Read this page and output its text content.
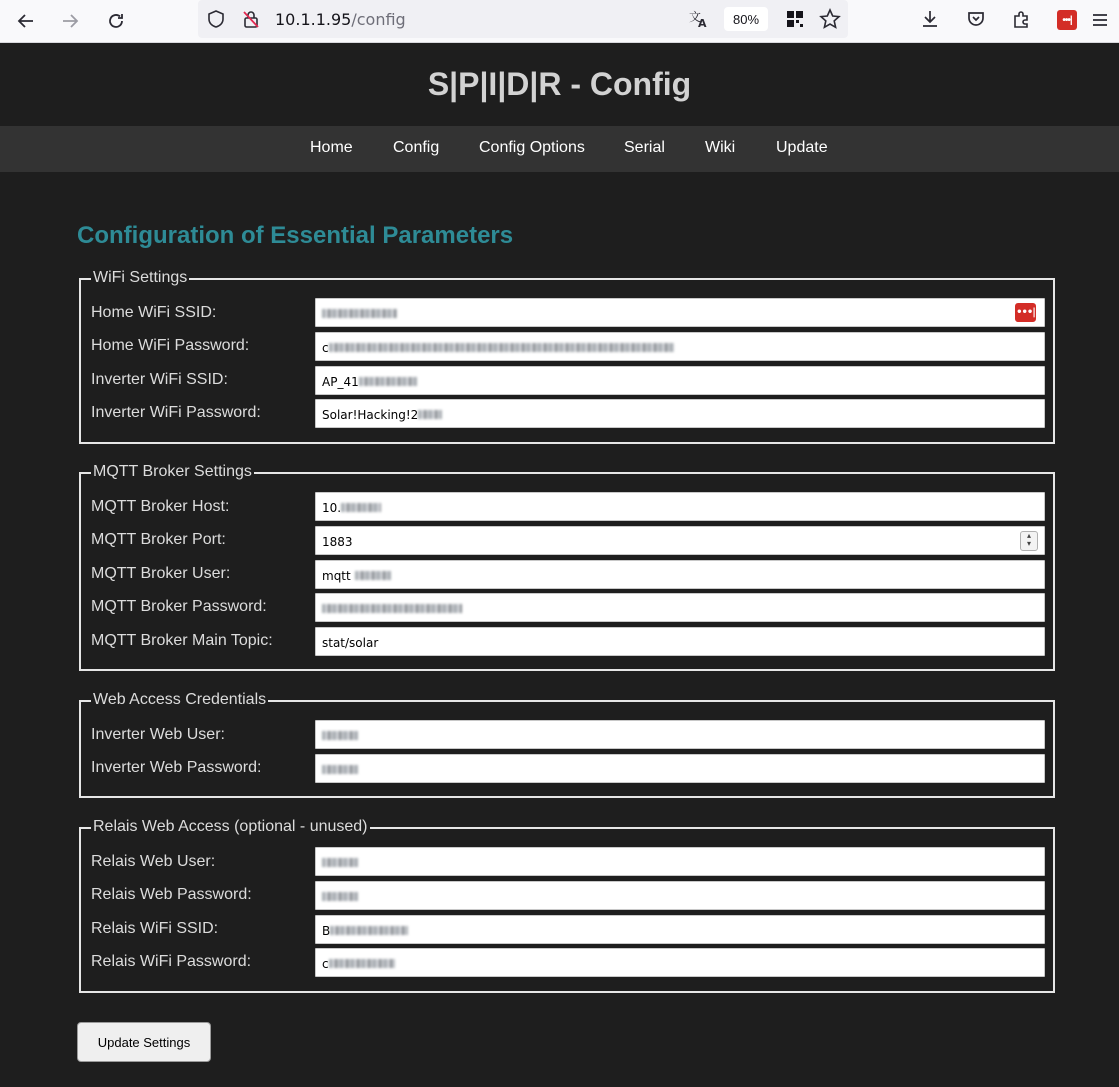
10.1.1.95/config	文
A	80%	•••|
S|P|I|D|R - Config
Home	Config Config Options Serial	Wiki	Update
Configuration of Essential Parameters
WiFi Settings
Home WiFi SSID:	•••|
Home WiFi Password:	c
Inverter WiFi SSID:	AP_41
Inverter WiFi Password:	Solar!Hacking!2
MQTT Broker Settings
MQTT Broker Host:	10.
MQTT Broker Port:	1883	▴
▾
MQTT Broker User:	mqtt
MQTT Broker Password:
MQTT Broker Main Topic:	stat/solar
Web Access Credentials
Inverter Web User:
Inverter Web Password:
Relais Web Access (optional - unused)
Relais Web User:
Relais Web Password:
Relais WiFi SSID:	B
Relais WiFi Password:	c
Update Settings
